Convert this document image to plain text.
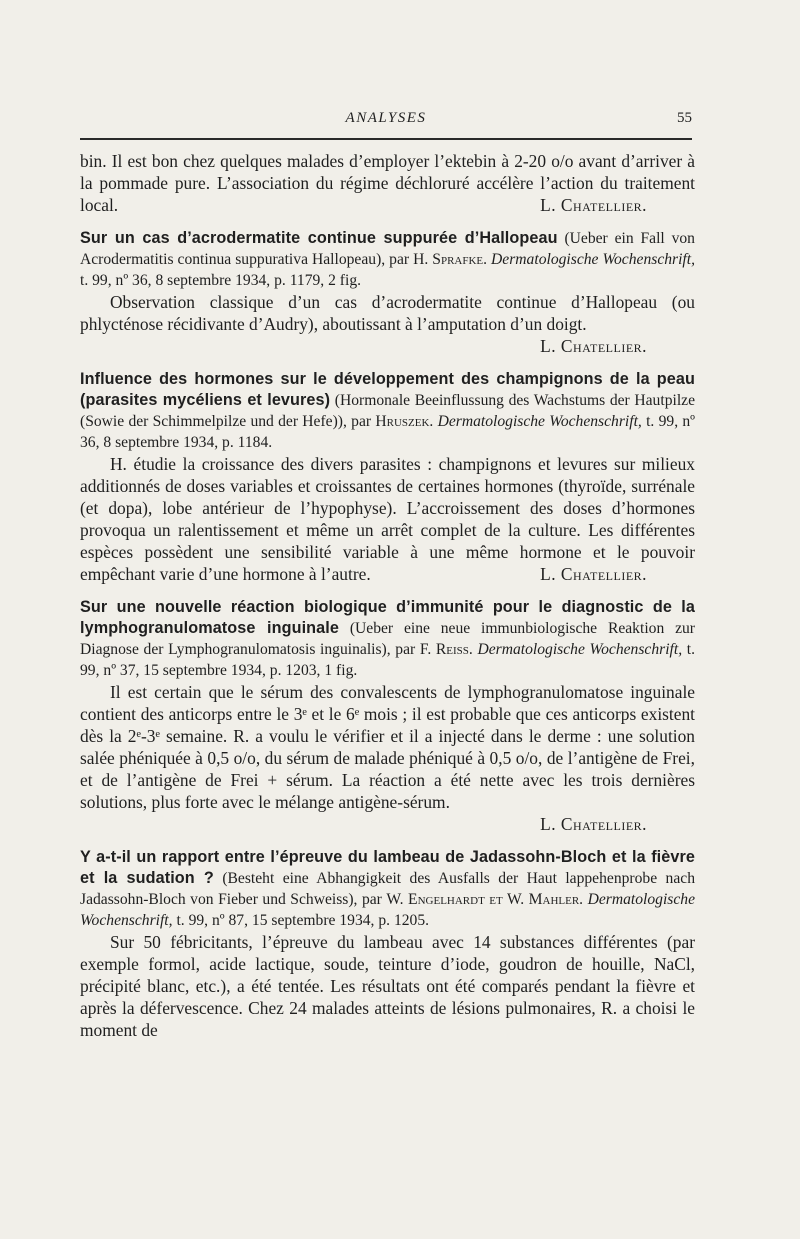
ANALYSES	55

bin. Il est bon chez quelques malades d’employer l’ektebin à 2-20 o/o avant d’arriver à la pommade pure. L’association du régime déchloruré accélère l’action du traitement local.	L. Chatellier.

Sur un cas d’acrodermatite continue suppurée d’Hallopeau (Ueber ein Fall von Acrodermatitis continua suppurativa Hallopeau), par H. Sprafke. Dermatologische Wochenschrift, t. 99, nº 36, 8 septembre 1934, p. 1179, 2 fig.

Observation classique d’un cas d’acrodermatite continue d’Hallopeau (ou phlycténose récidivante d’Audry), aboutissant à l’amputation d’un doigt.
L. Chatellier.

Influence des hormones sur le développement des champignons de la peau (parasites mycéliens et levures) (Hormonale Beeinflussung des Wachstums der Hautpilze (Sowie der Schimmelpilze und der Hefe)), par Hruszek. Dermatologische Wochenschrift, t. 99, nº 36, 8 septembre 1934, p. 1184.

H. étudie la croissance des divers parasites : champignons et levures sur milieux additionnés de doses variables et croissantes de certaines hormones (thyroïde, surrénale (et dopa), lobe antérieur de l’hypophyse). L’accroissement des doses d’hormones provoqua un ralentissement et même un arrêt complet de la culture. Les différentes espèces possèdent une sensibilité variable à une même hormone et le pouvoir empêchant varie d’une hormone à l’autre.	L. Chatellier.

Sur une nouvelle réaction biologique d’immunité pour le diagnostic de la lymphogranulomatose inguinale (Ueber eine neue immunbiologische Reaktion zur Diagnose der Lymphogranulomatosis inguinalis), par F. Reiss. Dermatologische Wochenschrift, t. 99, nº 37, 15 septembre 1934, p. 1203, 1 fig.

Il est certain que le sérum des convalescents de lymphogranulomatose inguinale contient des anticorps entre le 3ᵉ et le 6ᵉ mois ; il est probable que ces anticorps existent dès la 2ᵉ-3ᵉ semaine. R. a voulu le vérifier et il a injecté dans le derme : une solution salée phéniquée à 0,5 o/o, du sérum de malade phéniqué à 0,5 o/o, de l’antigène de Frei, et de l’antigène de Frei + sérum. La réaction a été nette avec les trois dernières solutions, plus forte avec le mélange antigène-sérum.

L. Chatellier.

Y a-t-il un rapport entre l’épreuve du lambeau de Jadassohn-Bloch et la fièvre et la sudation ? (Besteht eine Abhangigkeit des Ausfalls der Haut lappehenprobe nach Jadassohn-Bloch von Fieber und Schweiss), par W. Engelhardt et W. Mahler. Dermatologische Wochenschrift, t. 99, nº 87, 15 septembre 1934, p. 1205.

Sur 50 fébricitants, l’épreuve du lambeau avec 14 substances différentes (par exemple formol, acide lactique, soude, teinture d’iode, goudron de houille, NaCl, précipité blanc, etc.), a été tentée. Les résultats ont été comparés pendant la fièvre et après la défervescence. Chez 24 malades atteints de lésions pulmonaires, R. a choisi le moment de
